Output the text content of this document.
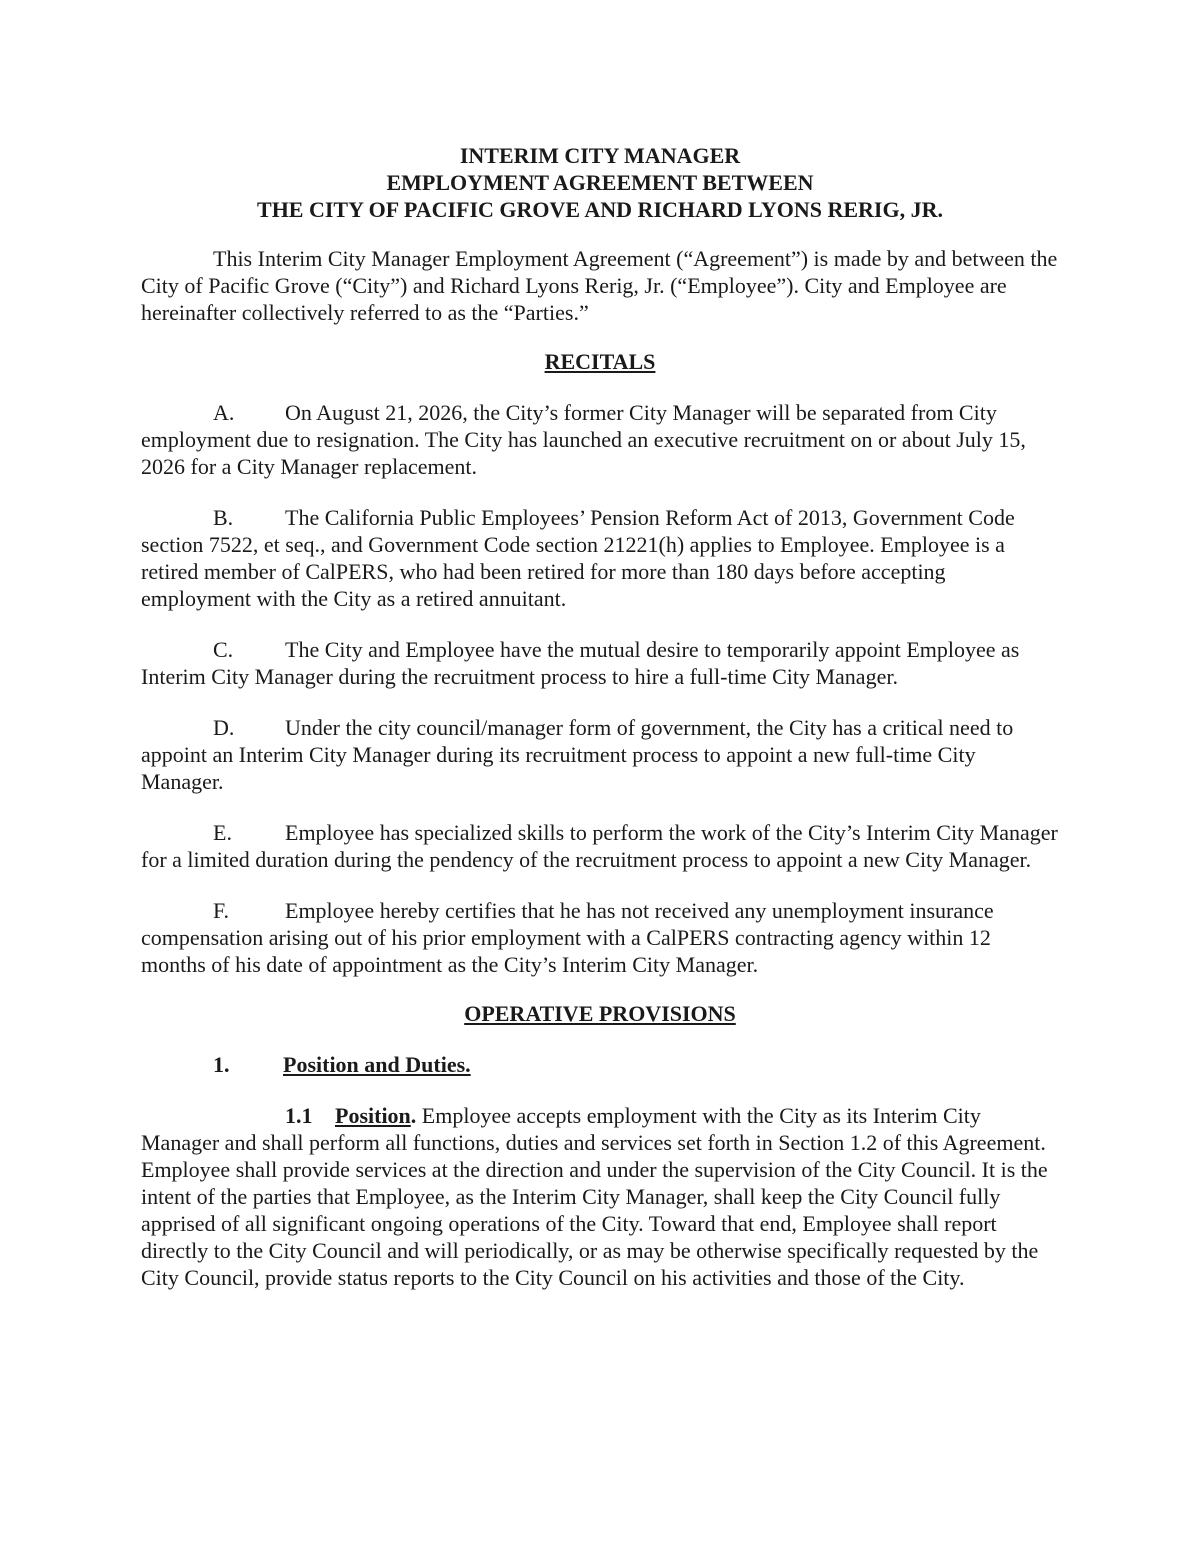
INTERIM CITY MANAGER
EMPLOYMENT AGREEMENT BETWEEN
THE CITY OF PACIFIC GROVE AND RICHARD LYONS RERIG, JR.

This Interim City Manager Employment Agreement (“Agreement”) is made by and between the City of Pacific Grove (“City”) and Richard Lyons Rerig, Jr. (“Employee”). City and Employee are hereinafter collectively referred to as the “Parties.”

RECITALS

A. On August 21, 2026, the City’s former City Manager will be separated from City employment due to resignation. The City has launched an executive recruitment on or about July 15, 2026 for a City Manager replacement.

B. The California Public Employees’ Pension Reform Act of 2013, Government Code section 7522, et seq., and Government Code section 21221(h) applies to Employee. Employee is a retired member of CalPERS, who had been retired for more than 180 days before accepting employment with the City as a retired annuitant.

C. The City and Employee have the mutual desire to temporarily appoint Employee as Interim City Manager during the recruitment process to hire a full-time City Manager.

D. Under the city council/manager form of government, the City has a critical need to appoint an Interim City Manager during its recruitment process to appoint a new full-time City Manager.

E. Employee has specialized skills to perform the work of the City’s Interim City Manager for a limited duration during the pendency of the recruitment process to appoint a new City Manager.

F.	Employee hereby certifies that he has not received any unemployment insurance compensation arising out of his prior employment with a CalPERS contracting agency within 12 months of his date of appointment as the City’s Interim City Manager.

OPERATIVE PROVISIONS

1. Position and Duties.

1.1 Position. Employee accepts employment with the City as its Interim City Manager and shall perform all functions, duties and services set forth in Section 1.2 of this Agreement. Employee shall provide services at the direction and under the supervision of the City Council. It is the intent of the parties that Employee, as the Interim City Manager, shall keep the City Council fully apprised of all significant ongoing operations of the City. Toward that end, Employee shall report directly to the City Council and will periodically, or as may be otherwise specifically requested by the City Council, provide status reports to the City Council on his activities and those of the City.
